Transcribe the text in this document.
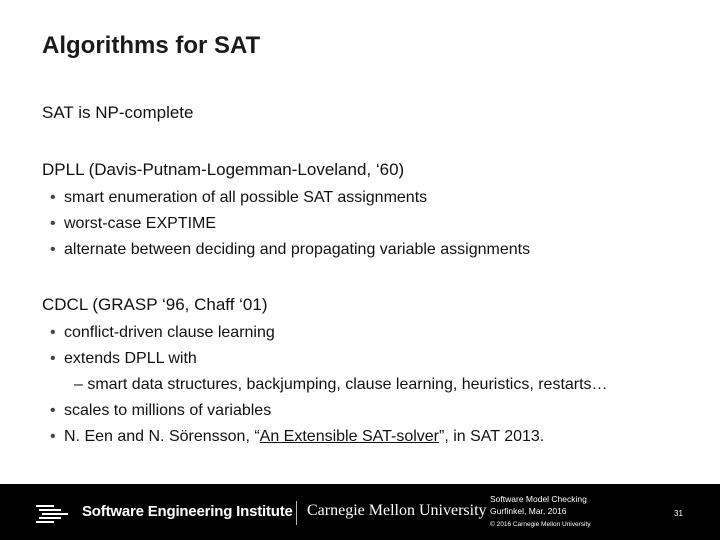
Algorithms for SAT
SAT is NP-complete
DPLL (Davis-Putnam-Logemman-Loveland, ‘60)
• smart enumeration of all possible SAT assignments
• worst-case EXPTIME
• alternate between deciding and propagating variable assignments
CDCL (GRASP ‘96, Chaff ‘01)
• conflict-driven clause learning
• extends DPLL with
– smart data structures, backjumping, clause learning, heuristics, restarts…
• scales to millions of variables
• N. Een and N. Sörensson, “An Extensible SAT-solver”, in SAT 2013.
Software Engineering Institute Carnegie Mellon University
Software Model Checking
Gurfinkel, Mar, 2016
© 2016 Carnegie Mellon University
31
